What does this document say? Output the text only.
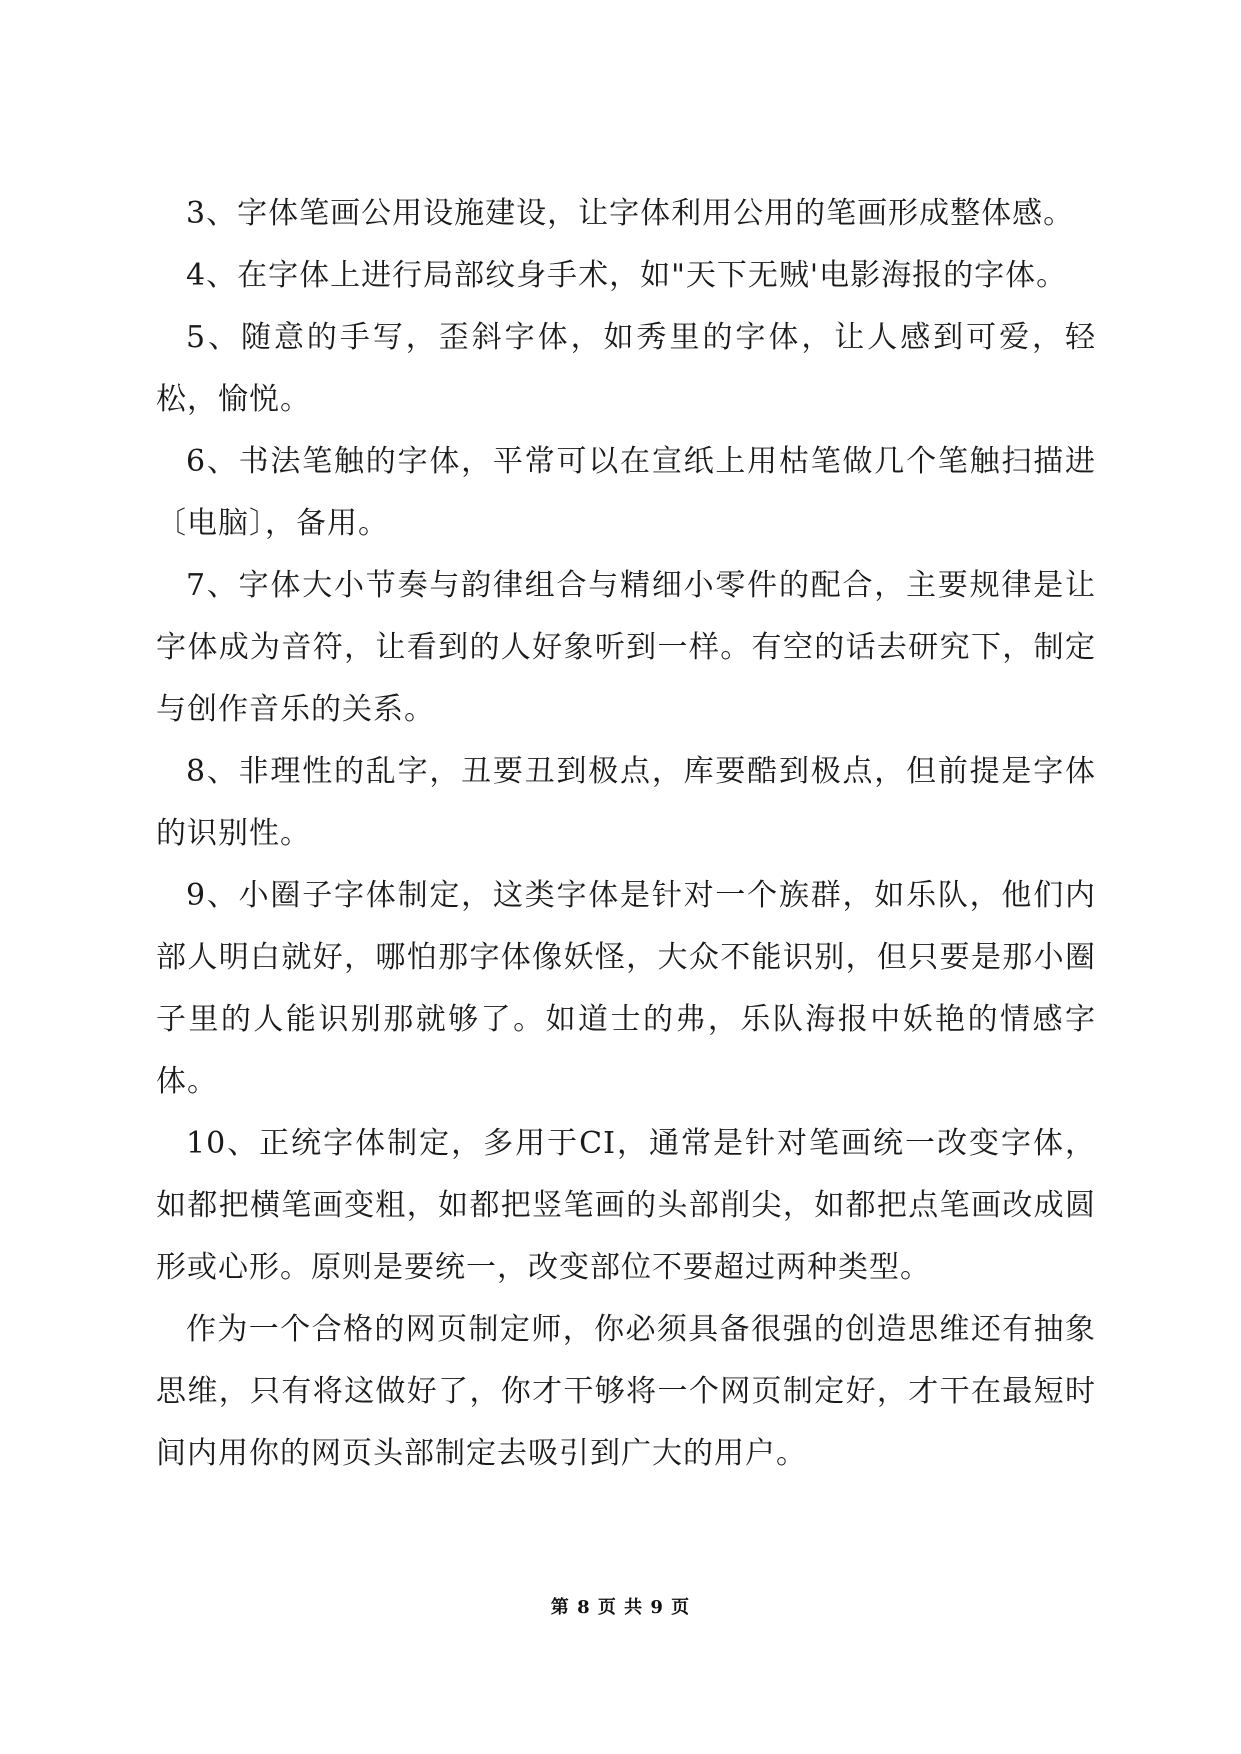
3、字体笔画公用设施建设，让字体利用公用的笔画形成整体感。

4、在字体上进行局部纹身手术，如"天下无贼'电影海报的字体。

5、随意的手写，歪斜字体，如秀里的字体，让人感到可爱，轻松，愉悦。

6、书法笔触的字体，平常可以在宣纸上用枯笔做几个笔触扫描进〔电脑〕，备用。

7、字体大小节奏与韵律组合与精细小零件的配合，主要规律是让字体成为音符，让看到的人好象听到一样。有空的话去研究下，制定与创作音乐的关系。

8、非理性的乱字，丑要丑到极点，库要酷到极点，但前提是字体的识别性。

9、小圈子字体制定，这类字体是针对一个族群，如乐队，他们内部人明白就好，哪怕那字体像妖怪，大众不能识别，但只要是那小圈子里的人能识别那就够了。如道士的弗，乐队海报中妖艳的情感字体。

10、正统字体制定，多用于CI，通常是针对笔画统一改变字体，如都把横笔画变粗，如都把竖笔画的头部削尖，如都把点笔画改成圆形或心形。原则是要统一，改变部位不要超过两种类型。

作为一个合格的网页制定师，你必须具备很强的创造思维还有抽象思维，只有将这做好了，你才干够将一个网页制定好，才干在最短时间内用你的网页头部制定去吸引到广大的用户。

第 8 页 共 9 页
